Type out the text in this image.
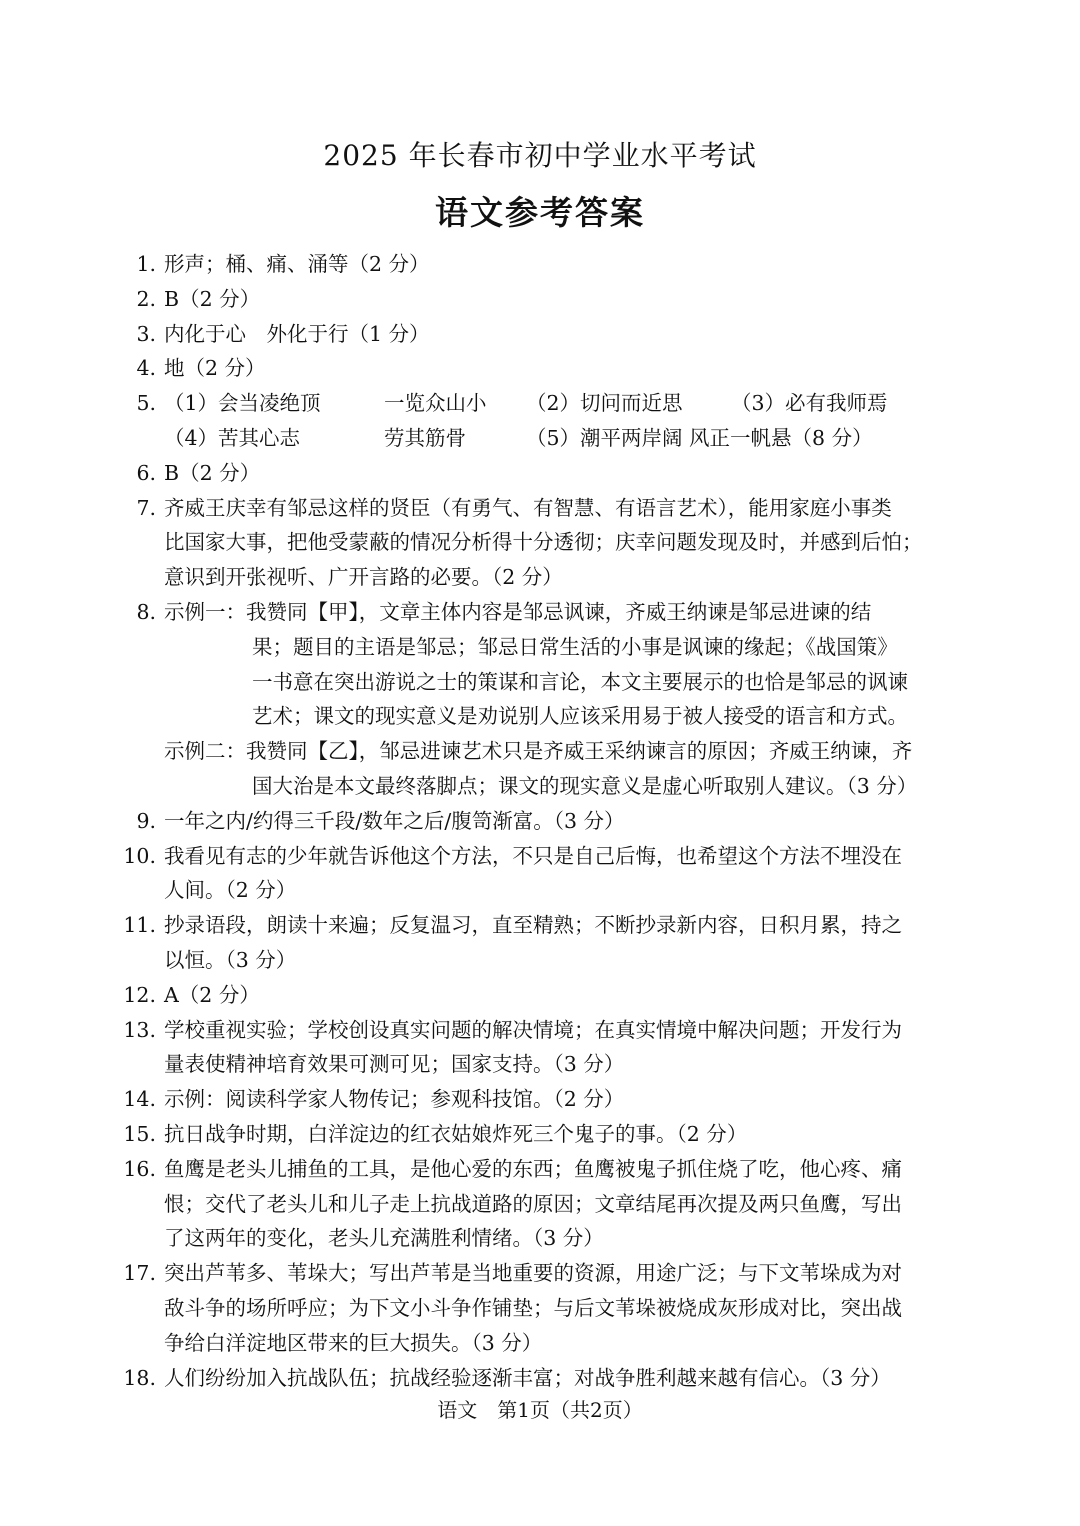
2025 年长春市初中学业水平考试
语文参考答案
1. 形声；桶、痛、涌等（2 分）
2. B（2 分）
3. 内化于心　外化于行（1 分）
4. 地（2 分）
5. （1）会当凌绝顶	一览众山小 （2）切问而近思 （3）必有我师焉
（4）苦其心志	劳其筋骨	（5）潮平两岸阔 风正一帆悬（8 分）
6. B（2 分）
7. 齐威王庆幸有邹忌这样的贤臣（有勇气、有智慧、有语言艺术），能用家庭小事类
比国家大事，把他受蒙蔽的情况分析得十分透彻；庆幸问题发现及时，并感到后怕；
意识到开张视听、广开言路的必要。（2 分）
8. 示例一：我赞同【甲】，文章主体内容是邹忌讽谏，齐威王纳谏是邹忌进谏的结
果；题目的主语是邹忌；邹忌日常生活的小事是讽谏的缘起；《战国策》
一书意在突出游说之士的策谋和言论，本文主要展示的也恰是邹忌的讽谏
艺术；课文的现实意义是劝说别人应该采用易于被人接受的语言和方式。
示例二：我赞同【乙】，邹忌进谏艺术只是齐威王采纳谏言的原因；齐威王纳谏，齐
国大治是本文最终落脚点；课文的现实意义是虚心听取别人建议。（3 分）
9. 一年之内/约得三千段/数年之后/腹笥渐富。（3 分）
10. 我看见有志的少年就告诉他这个方法，不只是自己后悔，也希望这个方法不埋没在
人间。（2 分）
11. 抄录语段，朗读十来遍；反复温习，直至精熟；不断抄录新内容，日积月累，持之
以恒。（3 分）
12. A（2 分）
13. 学校重视实验；学校创设真实问题的解决情境；在真实情境中解决问题；开发行为
量表使精神培育效果可测可见；国家支持。（3 分）
14. 示例：阅读科学家人物传记；参观科技馆。（2 分）
15. 抗日战争时期，白洋淀边的红衣姑娘炸死三个鬼子的事。（2 分）
16. 鱼鹰是老头儿捕鱼的工具，是他心爱的东西；鱼鹰被鬼子抓住烧了吃，他心疼、痛
恨；交代了老头儿和儿子走上抗战道路的原因；文章结尾再次提及两只鱼鹰，写出
了这两年的变化，老头儿充满胜利情绪。（3 分）
17. 突出芦苇多、苇垛大；写出芦苇是当地重要的资源，用途广泛；与下文苇垛成为对
敌斗争的场所呼应；为下文小斗争作铺垫；与后文苇垛被烧成灰形成对比，突出战
争给白洋淀地区带来的巨大损失。（3 分）
18. 人们纷纷加入抗战队伍；抗战经验逐渐丰富；对战争胜利越来越有信心。（3 分）
语文　第1页（共2页）
